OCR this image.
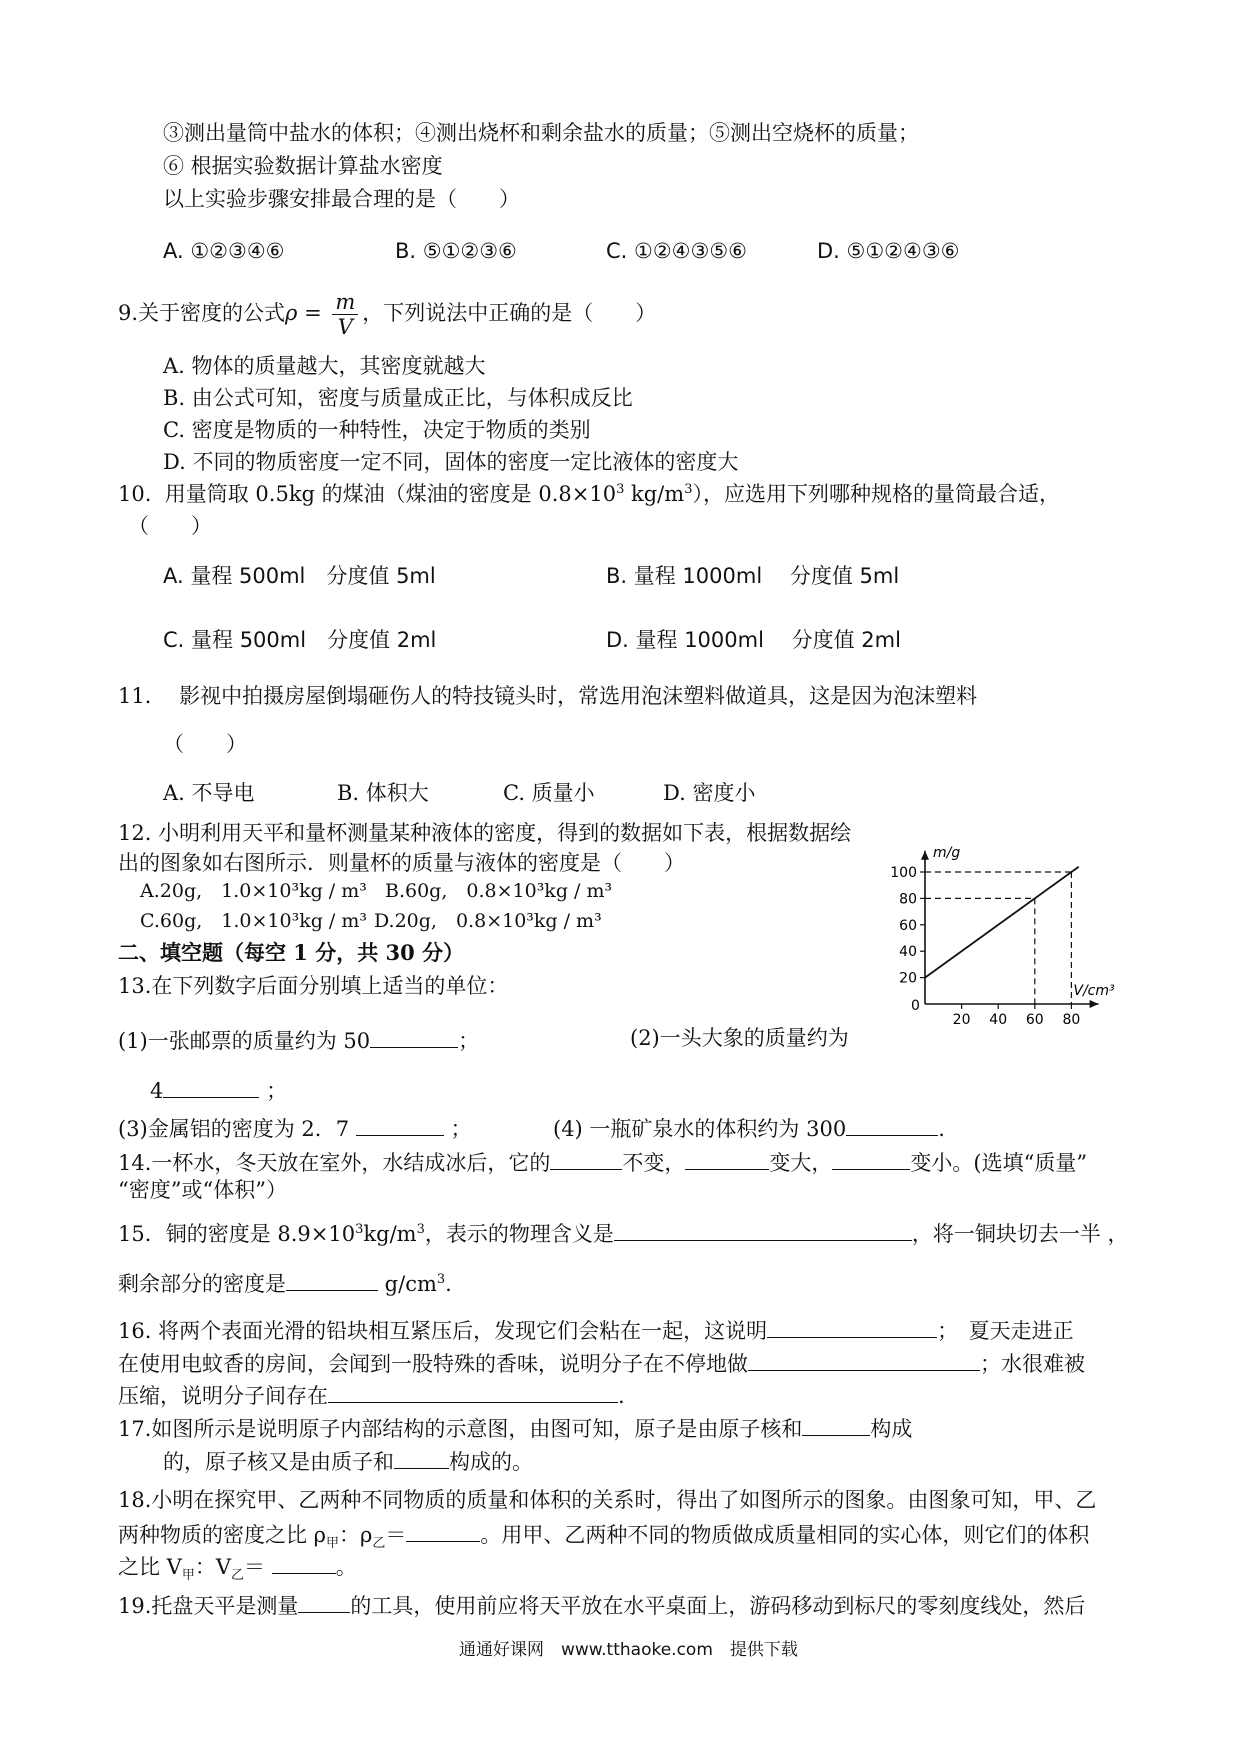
③测出量筒中盐水的体积；④测出烧杯和剩余盐水的质量；⑤测出空烧杯的质量；
⑥ 根据实验数据计算盐水密度
以上实验步骤安排最合理的是（　　）
A. ①②③④⑥	B. ⑤①②③⑥	C. ①②④③⑤⑥	D. ⑤①②④③⑥
9.关于密度的公式$\rho = \frac{m}{V}$ ，下列说法中正确的是（　　）
A. 物体的质量越大，其密度就越大
B. 由公式可知，密度与质量成正比，与体积成反比
C. 密度是物质的一种特性，决定于物质的类别
D. 不同的物质密度一定不同，固体的密度一定比液体的密度大
10.  用量筒取 0.5kg 的煤油（煤油的密度是 $0.8\times 10^3$ $kg/m^3$），应选用下列哪种规格的量筒最合适，
（　　）
A. 量程 500ml　分度值 5ml	B. 量程 1000ml　 分度值 5ml
C. 量程 500ml　分度值 2ml	D. 量程 1000ml　 分度值 2ml
11．  影视中拍摄房屋倒塌砸伤人的特技镜头时，常选用泡沫塑料做道具，这是因为泡沫塑料
（　　）
A. 不导电	B. 体积大	C. 质量小	D. 密度小
12. 小明利用天平和量杯测量某种液体的密度，得到的数据如下表，根据数据绘
出的图象如右图所示．则量杯的质量与液体的密度是（　　）
A.20g,　1.0×10³kg / m³ B.60g,　0.8×10³kg / m³
C.60g,　1.0×10³kg / m³ D.20g,　0.8×10³kg / m³
m/g
V/cm³
0
20 40 60 80
20
40
60
80
100
二、填空题（每空 1 分，共 30 分）
13.在下列数字后面分别填上适当的单位：
(1)一张邮票的质量约为 50	；	(2)一头大象的质量约为
4	；
(3)金属铝的密度为 2．7	；	(4) 一瓶矿泉水的体积约为 300	.
14.一杯水，冬天放在室外，水结成冰后，它的	不变，	变大，	变小。(选填“质量”
“密度”或“体积”）
15．铜的密度是 $8.9\times 10^3kg/m^3$，表示的物理含义是	，将一铜块切去一半 ，
剩余部分的密度是	$g/cm^3$.
16. 将两个表面光滑的铅块相互紧压后，发现它们会粘在一起，这说明	；　夏天走进正
在使用电蚊香的房间，会闻到一股特殊的香味，说明分子在不停地做	；水很难被
压缩，说明分子间存在	.
17.如图所示是说明原子内部结构的示意图，由图可知，原子是由原子核和	构成
的，原子核又是由质子和	构成的。
18.小明在探究甲、乙两种不同物质的质量和体积的关系时，得出了如图所示的图象。由图象可知，甲、乙
两种物质的密度之比 $\rho_甲$：$\rho_乙=$	。用甲、乙两种不同的物质做成质量相同的实心体，则它们的体积
之比 $V_甲$：$V_乙=$	。
19.托盘天平是测量 的工具，使用前应将天平放在水平桌面上，游码移动到标尺的零刻度线处，然后
通通好课网　www.tthaoke.com　提供下载
